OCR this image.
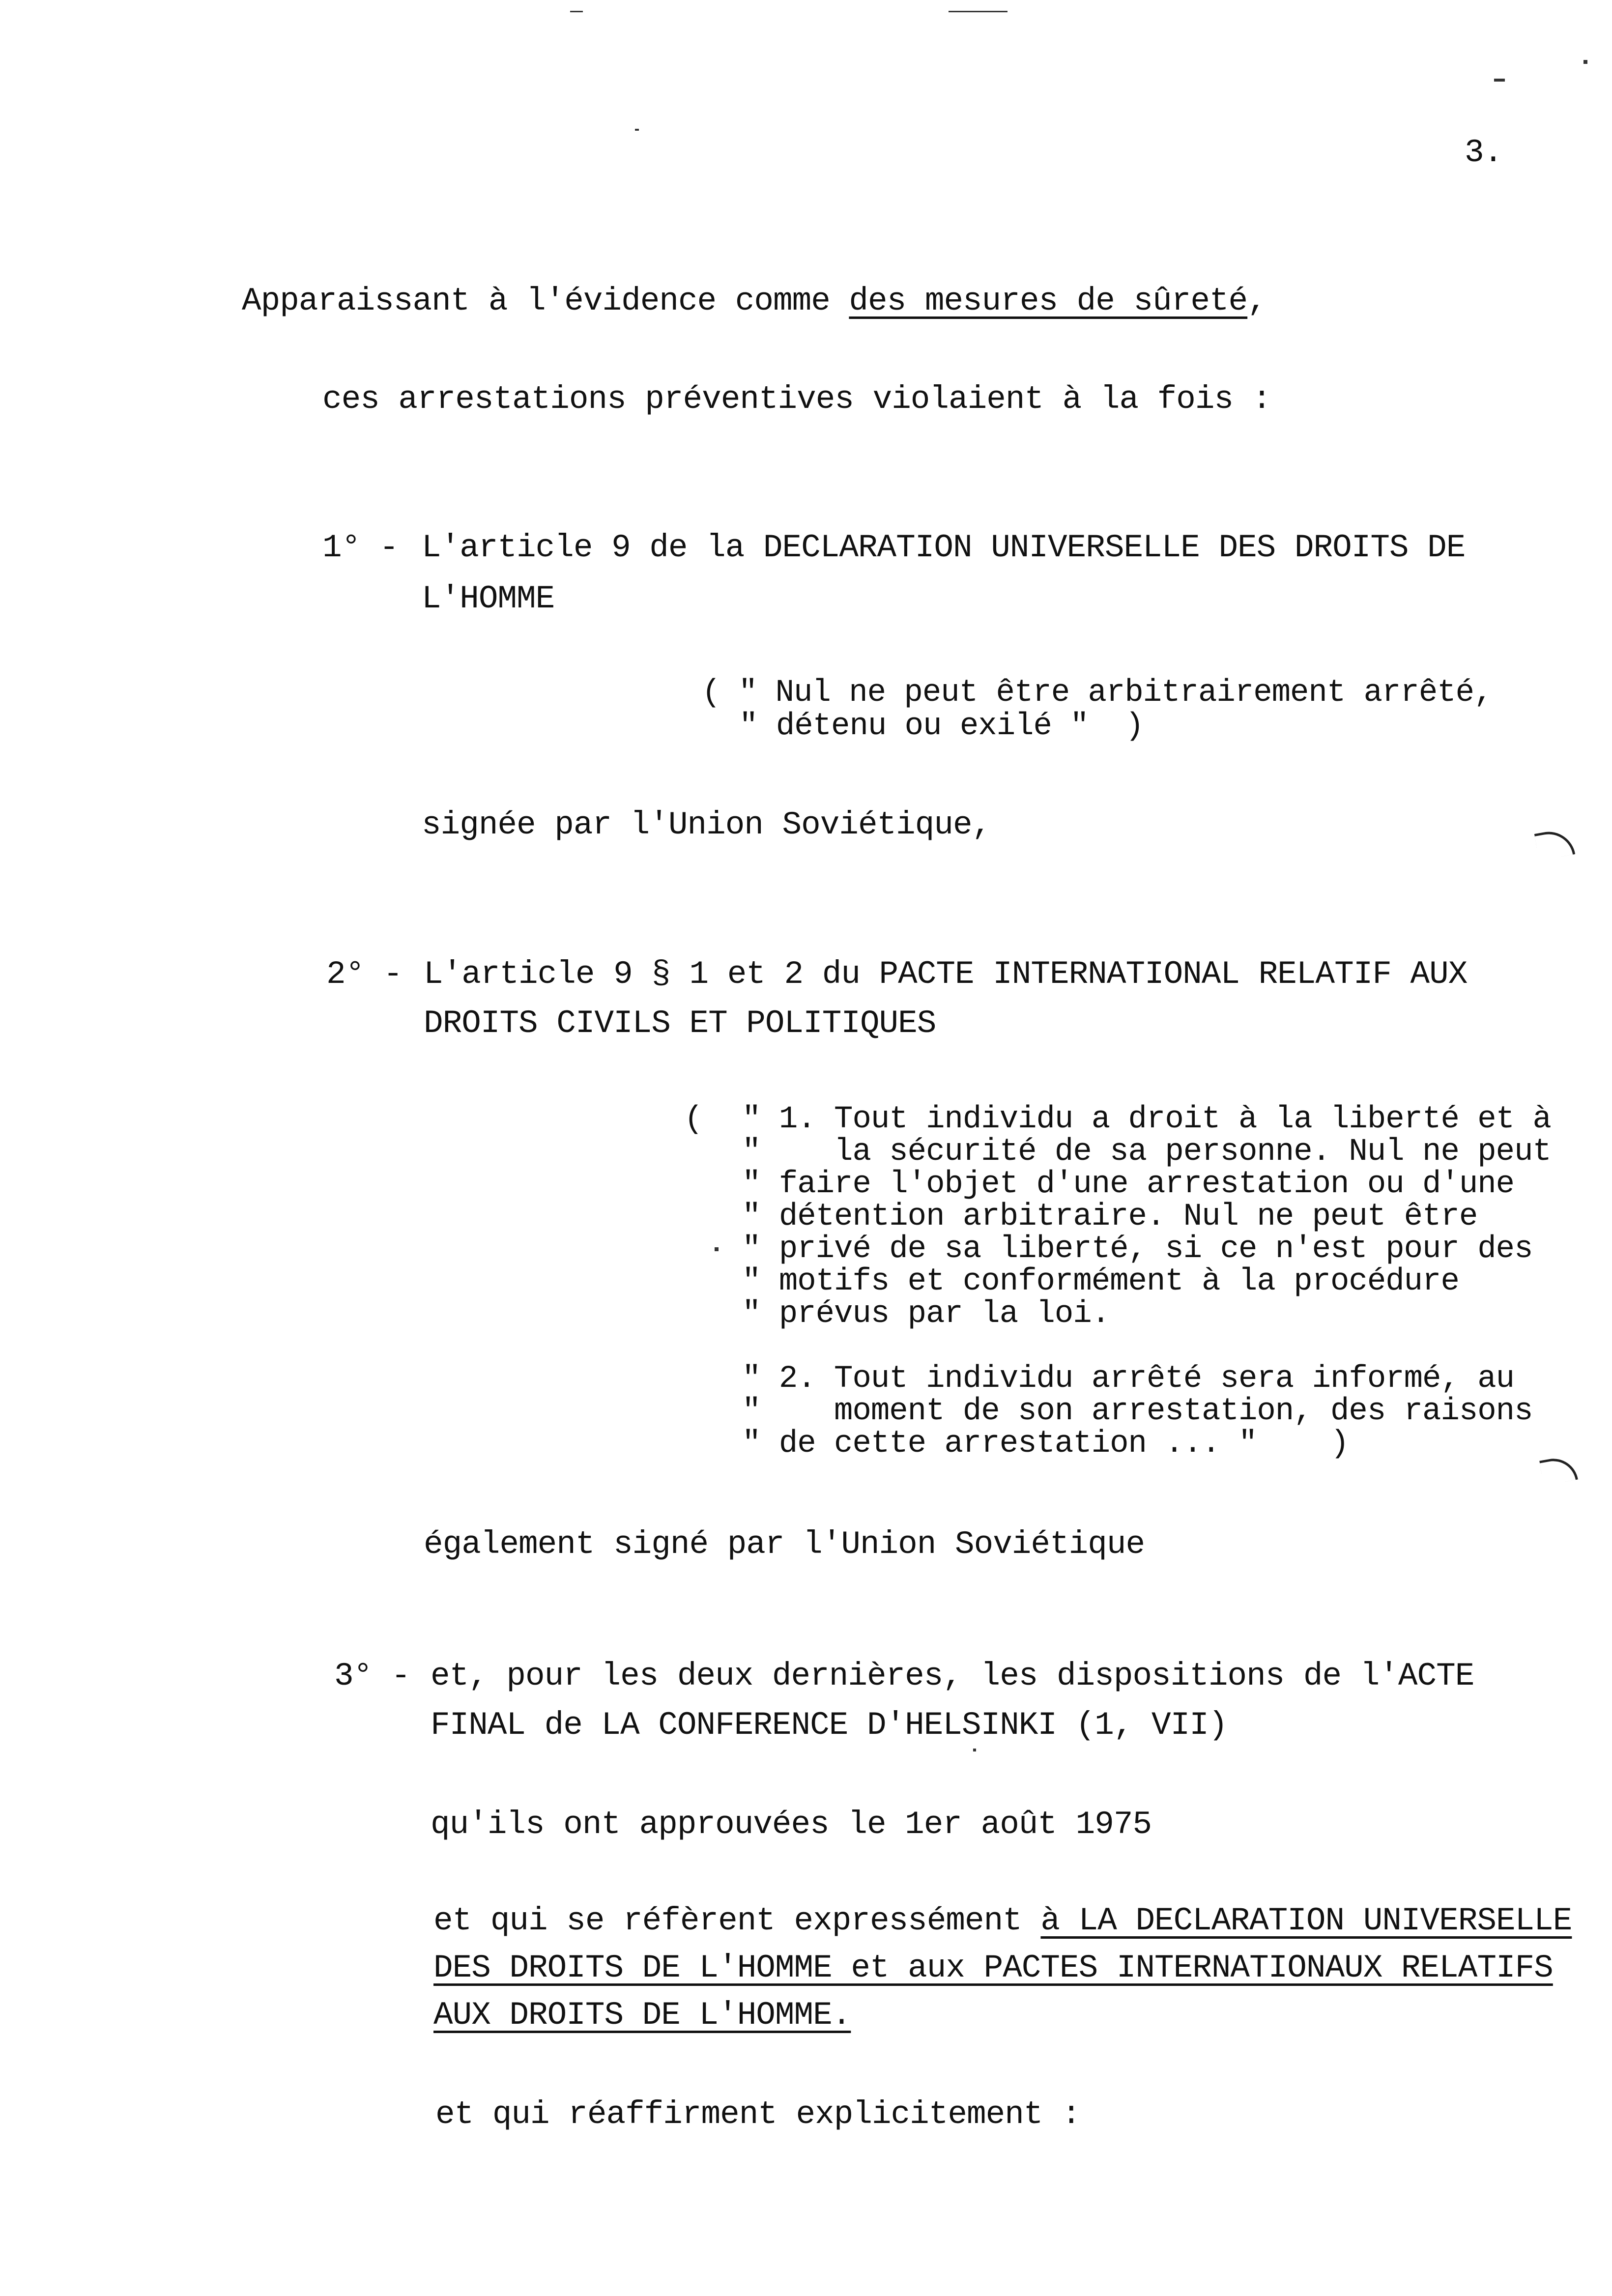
3.
Apparaissant à l'évidence comme des mesures de sûreté,
ces arrestations préventives violaient à la fois :
1° - L'article 9 de la DECLARATION UNIVERSELLE DES DROITS DE
L'HOMME
( " Nul ne peut être arbitrairement arrêté,
" détenu ou exilé "  )
signée par l'Union Soviétique,
2° - L'article 9 § 1 et 2 du PACTE INTERNATIONAL RELATIF AUX
DROITS CIVILS ET POLITIQUES
( " 1. Tout individu a droit à la liberté et à
"    la sécurité de sa personne. Nul ne peut
" faire l'objet d'une arrestation ou d'une
" détention arbitraire. Nul ne peut être
" privé de sa liberté, si ce n'est pour des
" motifs et conformément à la procédure
" prévus par la loi.
" 2. Tout individu arrêté sera informé, au
"    moment de son arrestation, des raisons
" de cette arrestation ... "    )
également signé par l'Union Soviétique
3° - et, pour les deux dernières, les dispositions de l'ACTE
FINAL de LA CONFERENCE D'HELSINKI (1, VII)
qu'ils ont approuvées le 1er août 1975
et qui se réfèrent expressément à LA DECLARATION UNIVERSELLE
DES DROITS DE L'HOMME et aux PACTES INTERNATIONAUX RELATIFS
AUX DROITS DE L'HOMME.
et qui réaffirment explicitement :
